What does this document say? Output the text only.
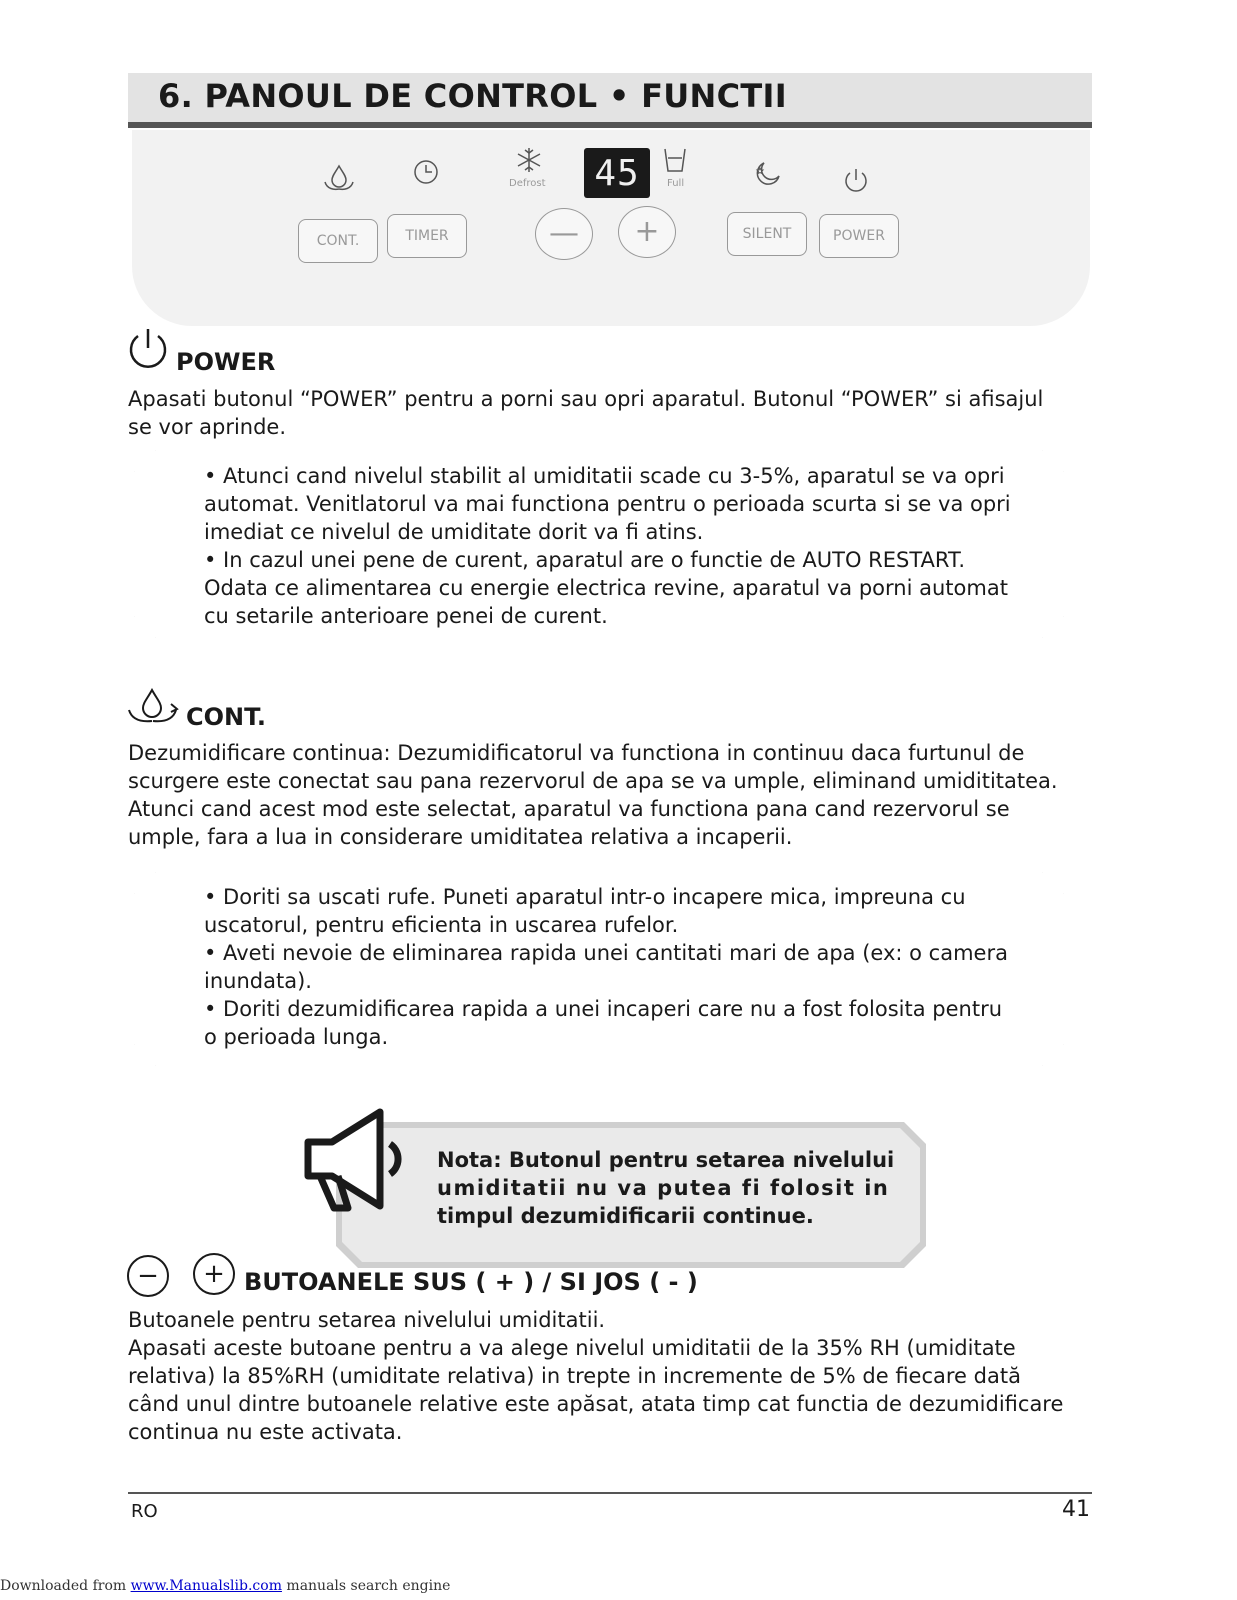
6. PANOUL DE CONTROL • FUNCTII
Defrost 45	Full
CONT.	TIMER	—	+	SILENT	POWER
POWER
Apasati butonul “POWER” pentru a porni sau opri aparatul. Butonul “POWER” si afisajul
se vor aprinde.
• Atunci cand nivelul stabilit al umiditatii scade cu 3-5%, aparatul se va opri
automat. Venitlatorul va mai functiona pentru o perioada scurta si se va opri
imediat ce nivelul de umiditate dorit va fi atins.
• In cazul unei pene de curent, aparatul are o functie de AUTO RESTART.
Odata ce alimentarea cu energie electrica revine, aparatul va porni automat
cu setarile anterioare penei de curent.
CONT.
Dezumidificare continua: Dezumidificatorul va functiona in continuu daca furtunul de
scurgere este conectat sau pana rezervorul de apa se va umple, eliminand umidititatea.
Atunci cand acest mod este selectat, aparatul va functiona pana cand rezervorul se
umple, fara a lua in considerare umiditatea relativa a incaperii.
• Doriti sa uscati rufe. Puneti aparatul intr-o incapere mica, impreuna cu
uscatorul, pentru eficienta in uscarea rufelor.
• Aveti nevoie de eliminarea rapida unei cantitati mari de apa (ex: o camera
inundata).
• Doriti dezumidificarea rapida a unei incaperi care nu a fost folosita pentru
o perioada lunga.
Nota: Butonul pentru setarea nivelului
umiditatii nu va putea fi folosit in
timpul dezumidificarii continue.
−	+ BUTOANELE SUS ( + ) / SI JOS ( - )
Butoanele pentru setarea nivelului umiditatii.
Apasati aceste butoane pentru a va alege nivelul umiditatii de la 35% RH (umiditate
relativa) la 85%RH (umiditate relativa) in trepte in incremente de 5% de fiecare dată
când unul dintre butoanele relative este apăsat, atata timp cat functia de dezumidificare
continua nu este activata.
RO	41
Downloaded from www.Manualslib.com manuals search engine
